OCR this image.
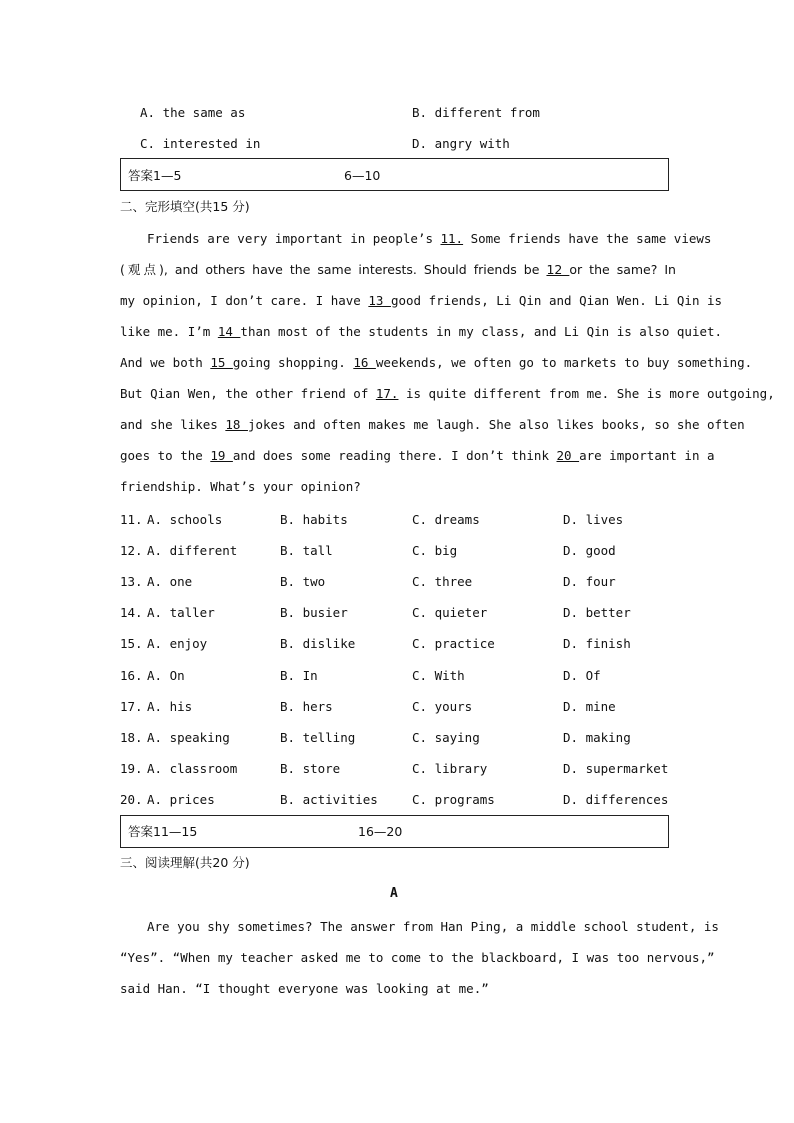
A. the same as	B. different from
C. interested in	D. angry with
答案1—5	6—10
二、完形填空(共15 分)
Friends are very important in people’s 11. Some friends have the same views
(观点), and others have the same interests. Should friends be 12 or the same? In
my opinion, I don’t care. I have 13 good friends, Li Qin and Qian Wen. Li Qin is
like me. I’m 14 than most of the students in my class, and Li Qin is also quiet.
And we both 15 going shopping. 16 weekends, we often go to markets to buy something.
But Qian Wen, the other friend of 17. is quite different from me. She is more outgoing,
and she likes 18 jokes and often makes me laugh. She also likes books, so she often
goes to the 19 and does some reading there. I don’t think 20 are important in a
friendship. What’s your opinion?
11. A. schools	B. habits	C. dreams	D. lives
12. A. different	B. tall	C. big	D. good
13. A. one	B. two	C. three	D. four
14. A. taller	B. busier	C. quieter	D. better
15. A. enjoy	B. dislike	C. practice	D. finish
16. A. On	B. In	C. With	D. Of
17. A. his	B. hers	C. yours	D. mine
18. A. speaking	B. telling	C. saying	D. making
19. A. classroom	B. store	C. library	D. supermarket
20. A. prices	B. activities	C. programs	D. differences
答案11—15	16—20
三、阅读理解(共20 分)
A
Are you shy sometimes? The answer from Han Ping, a middle school student, is
“Yes”. “When my teacher asked me to come to the blackboard, I was too nervous,”
said Han. “I thought everyone was looking at me.”
